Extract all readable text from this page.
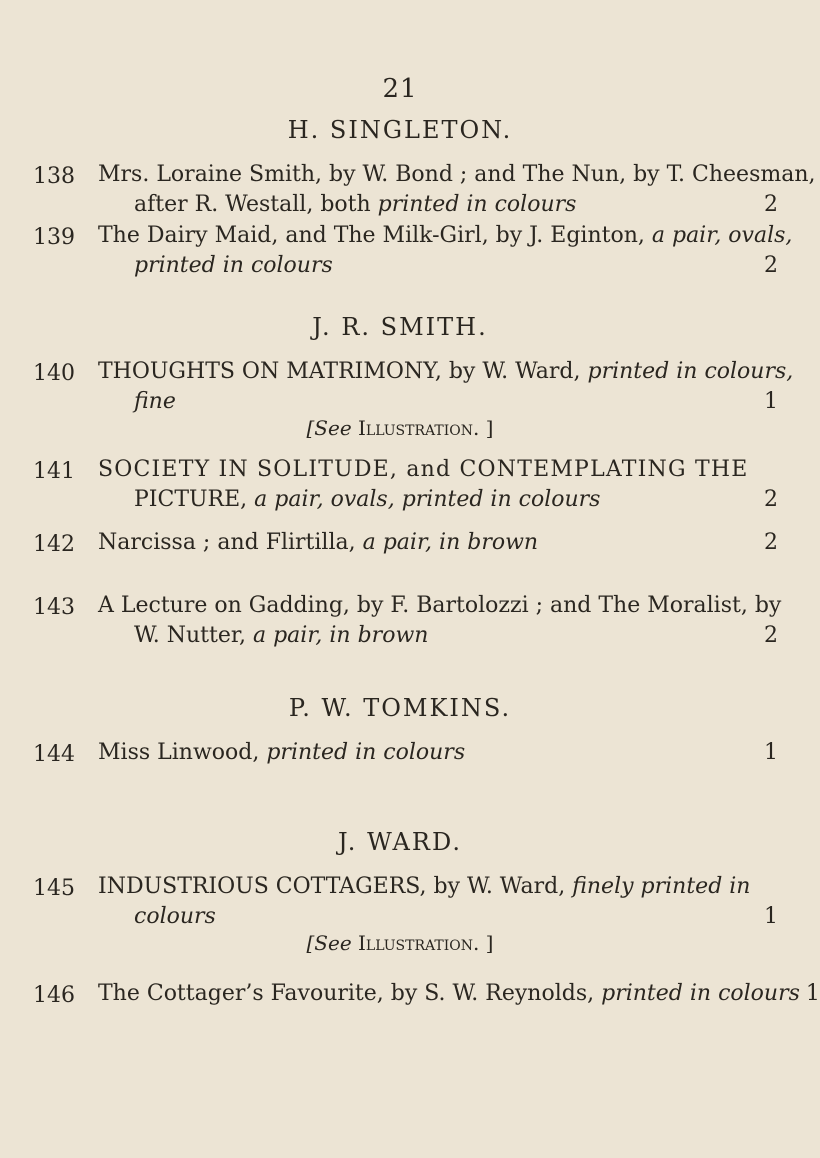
21
H. SINGLETON.
138	Mrs. Loraine Smith, by W. Bond ; and The Nun, by T. Cheesman,
after R. Westall, both printed in colours	2
139	The Dairy Maid, and The Milk-Girl, by J. Eginton, a pair, ovals,
printed in colours	2
J. R. SMITH.
140	THOUGHTS ON MATRIMONY, by W. Ward, printed in colours,
fine	1
[See Illustration. ]
141	SOCIETY IN SOLITUDE, and CONTEMPLATING THE
PICTURE, a pair, ovals, printed in colours	2
142	Narcissa ; and Flirtilla, a pair, in brown	2
143	A Lecture on Gadding, by F. Bartolozzi ; and The Moralist, by
W. Nutter, a pair, in brown	2
P. W. TOMKINS.
144	Miss Linwood, printed in colours	1
J. WARD.
145	INDUSTRIOUS COTTAGERS, by W. Ward, finely printed in
colours	1
[See Illustration. ]
146	The Cottager’s Favourite, by S. W. Reynolds, printed in colours 1
